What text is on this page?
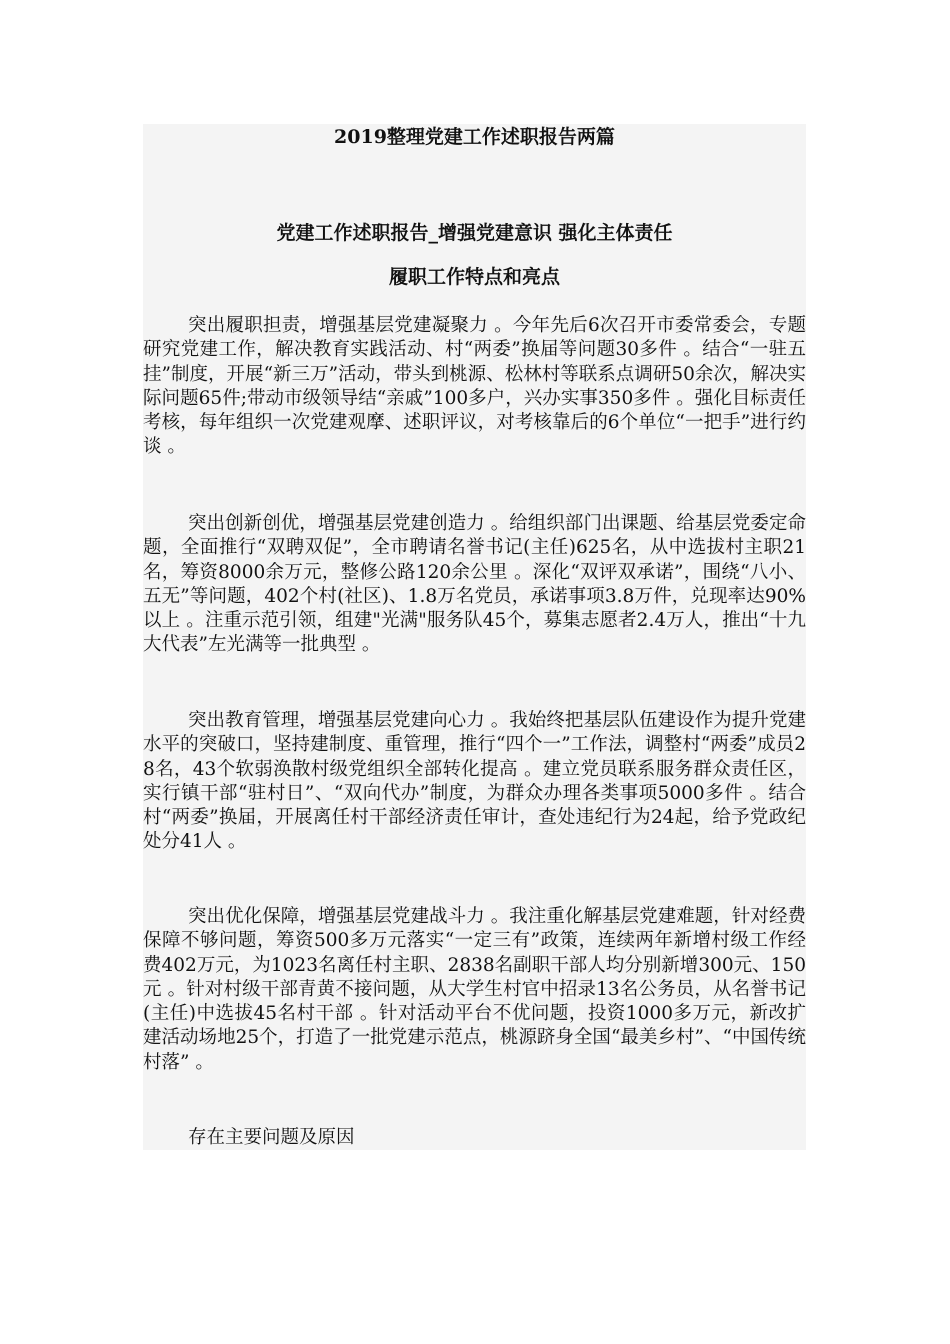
2019整理党建工作述职报告两篇
党建工作述职报告_增强党建意识 强化主体责任
履职工作特点和亮点

突出履职担责，增强基层党建凝聚力 。今年先后6次召开市委常委会，专题研究党建工作，解决教育实践活动、村“两委”换届等问题30多件 。结合“一驻五挂”制度，开展“新三万”活动，带头到桃源、松林村等联系点调研50余次，解决实际问题65件;带动市级领导结“亲戚”100多户，兴办实事350多件 。强化目标责任考核，每年组织一次党建观摩、述职评议，对考核靠后的6个单位“一把手”进行约谈 。

突出创新创优，增强基层党建创造力 。给组织部门出课题、给基层党委定命题，全面推行“双聘双促”，全市聘请名誉书记(主任)625名，从中选拔村主职21名，筹资8000余万元，整修公路120余公里 。深化“双评双承诺”，围绕“八小、五无”等问题，402个村(社区)、1.8万名党员，承诺事项3.8万件，兑现率达90%以上 。注重示范引领，组建"光满"服务队45个，募集志愿者2.4万人，推出“十九大代表”左光满等一批典型 。

突出教育管理，增强基层党建向心力 。我始终把基层队伍建设作为提升党建水平的突破口，坚持建制度、重管理，推行“四个一”工作法，调整村“两委”成员28名，43个软弱涣散村级党组织全部转化提高 。建立党员联系服务群众责任区，实行镇干部“驻村日”、“双向代办”制度，为群众办理各类事项5000多件 。结合村“两委”换届，开展离任村干部经济责任审计，查处违纪行为24起，给予党政纪处分41人 。

突出优化保障，增强基层党建战斗力 。我注重化解基层党建难题，针对经费保障不够问题，筹资500多万元落实“一定三有”政策，连续两年新增村级工作经费402万元，为1023名离任村主职、2838名副职干部人均分别新增300元、150元 。针对村级干部青黄不接问题，从大学生村官中招录13名公务员，从名誉书记(主任)中选拔45名村干部 。针对活动平台不优问题，投资1000多万元，新改扩建活动场地25个，打造了一批党建示范点，桃源跻身全国“最美乡村”、“中国传统村落” 。

存在主要问题及原因
